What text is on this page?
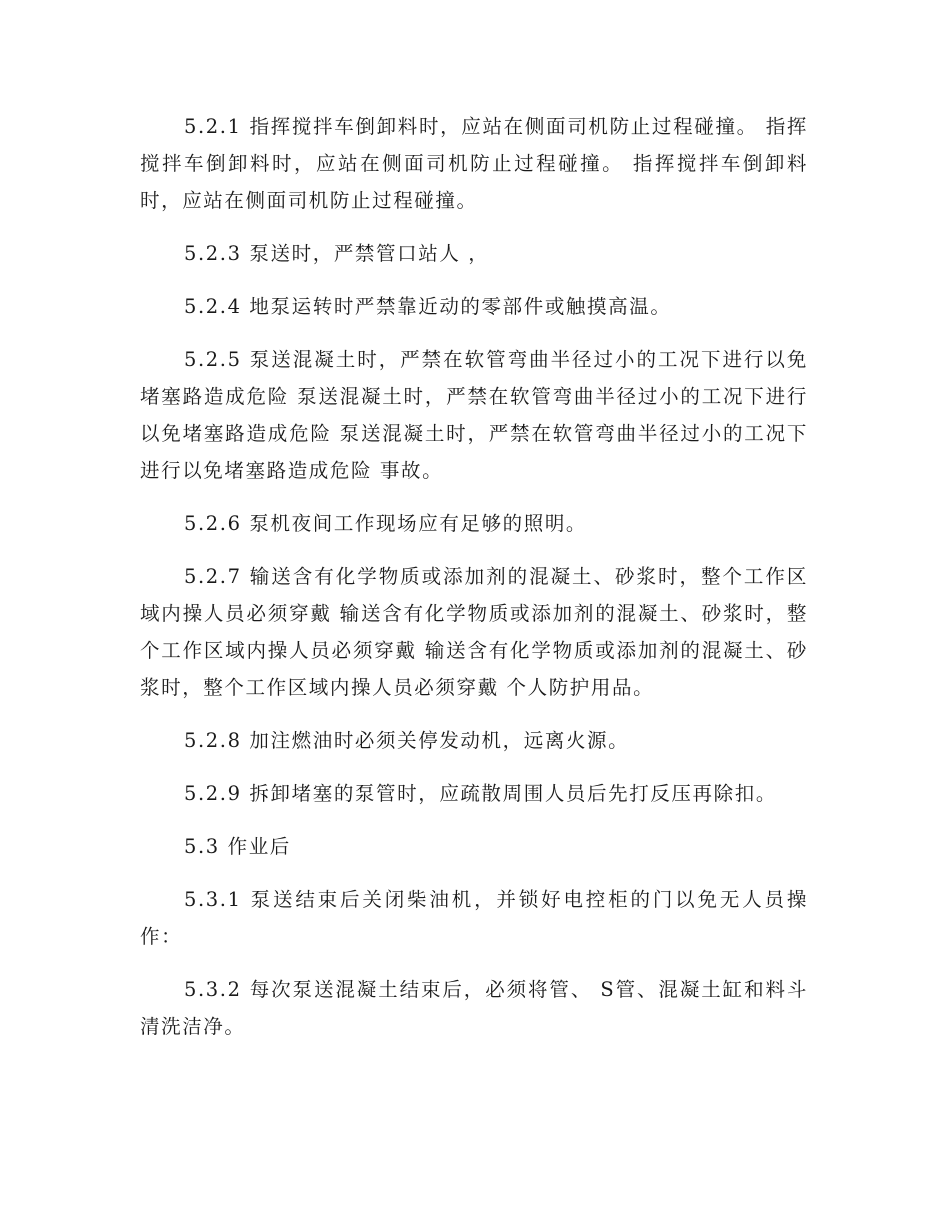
5.2.1 指挥搅拌车倒卸料时，应站在侧面司机防止过程碰撞。 指挥搅拌车倒卸料时，应站在侧面司机防止过程碰撞。 指挥搅拌车倒卸料时，应站在侧面司机防止过程碰撞。

5.2.3 泵送时，严禁管口站人 ，

5.2.4 地泵运转时严禁靠近动的零部件或触摸高温。

5.2.5 泵送混凝土时，严禁在软管弯曲半径过小的工况下进行以免堵塞路造成危险 泵送混凝土时，严禁在软管弯曲半径过小的工况下进行以免堵塞路造成危险 泵送混凝土时，严禁在软管弯曲半径过小的工况下进行以免堵塞路造成危险 事故。

5.2.6 泵机夜间工作现场应有足够的照明。

5.2.7 输送含有化学物质或添加剂的混凝土、砂浆时，整个工作区域内操人员必须穿戴 输送含有化学物质或添加剂的混凝土、砂浆时，整个工作区域内操人员必须穿戴 输送含有化学物质或添加剂的混凝土、砂浆时，整个工作区域内操人员必须穿戴 个人防护用品。

5.2.8 加注燃油时必须关停发动机，远离火源。

5.2.9 拆卸堵塞的泵管时，应疏散周围人员后先打反压再除扣。

5.3 作业后

5.3.1 泵送结束后关闭柴油机，并锁好电控柜的门以免无人员操作：

5.3.2 每次泵送混凝土结束后，必须将管、 S管、混凝土缸和料斗清洗洁净。
